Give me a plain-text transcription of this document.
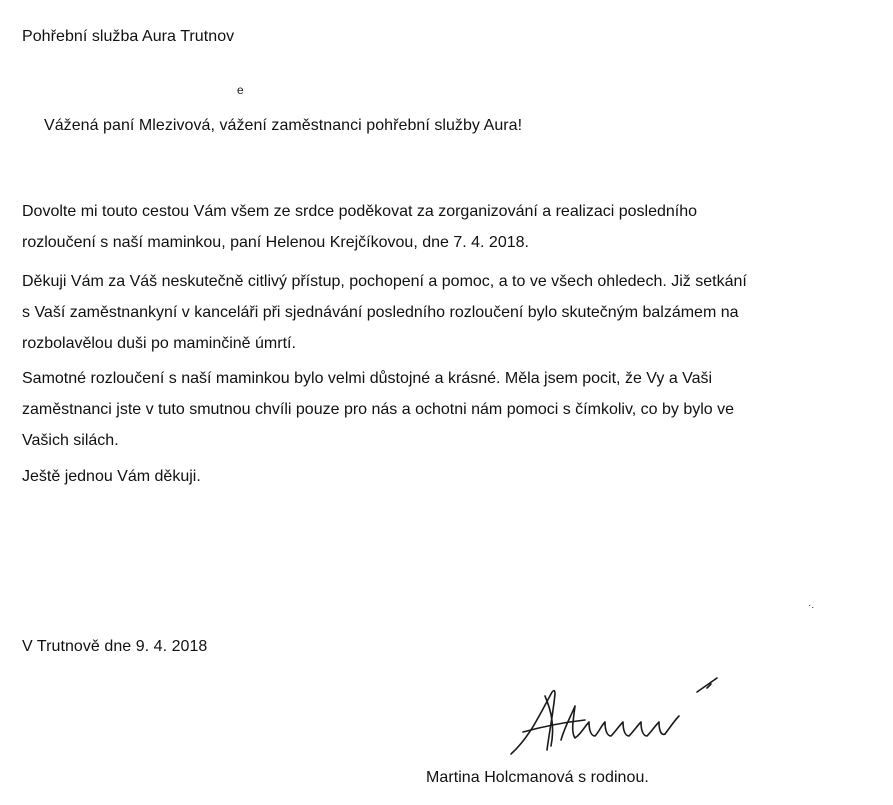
Pohřební služba Aura Trutnov

e

Vážená paní Mlezivová, vážení zaměstnanci pohřební služby Aura!

Dovolte mi touto cestou Vám všem ze srdce poděkovat za zorganizování a realizaci posledního
rozloučení s naší maminkou, paní Helenou Krejčíkovou, dne 7. 4. 2018.
Děkuji Vám za Váš neskutečně citlivý přístup, pochopení a pomoc, a to ve všech ohledech. Již setkání
s Vaší zaměstnankyní v kanceláři při sjednávání posledního rozloučení bylo skutečným balzámem na
rozbolavělou duši po maminčině úmrtí.
Samotné rozloučení s naší maminkou bylo velmi důstojné a krásné. Měla jsem pocit, že Vy a Vaši
zaměstnanci jste v tuto smutnou chvíli pouze pro nás a ochotni nám pomoci s čímkoliv, co by bylo ve
Vašich silách.
Ještě jednou Vám děkuji.

V Trutnově dne 9. 4. 2018

·.

Martina Holcmanová s rodinou.
